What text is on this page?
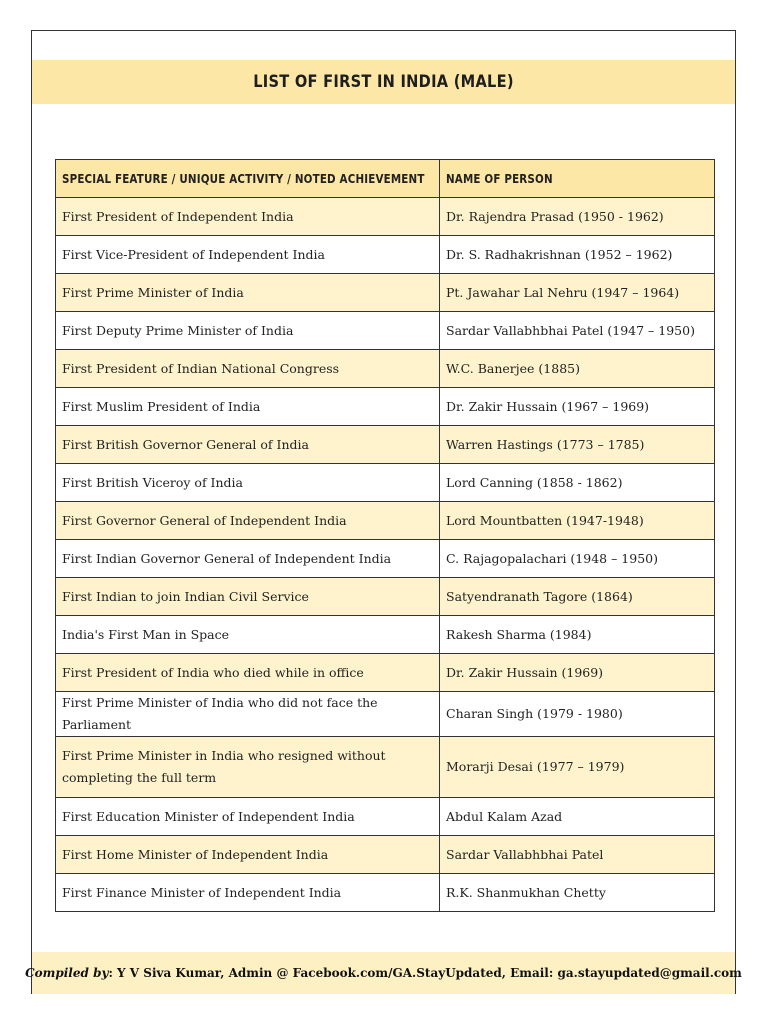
LIST OF FIRST IN INDIA (MALE)
SPECIAL FEATURE / UNIQUE ACTIVITY / NOTED ACHIEVEMENT	NAME OF PERSON
First President of Independent India	Dr. Rajendra Prasad (1950 - 1962)
First Vice-President of Independent India	Dr. S. Radhakrishnan (1952 – 1962)
First Prime Minister of India	Pt. Jawahar Lal Nehru (1947 – 1964)
First Deputy Prime Minister of India	Sardar Vallabhbhai Patel (1947 – 1950)
First President of Indian National Congress	W.C. Banerjee (1885)
First Muslim President of India	Dr. Zakir Hussain (1967 – 1969)
First British Governor General of India	Warren Hastings (1773 – 1785)
First British Viceroy of India	Lord Canning (1858 - 1862)
First Governor General of Independent India	Lord Mountbatten (1947-1948)
First Indian Governor General of Independent India	C. Rajagopalachari (1948 – 1950)
First Indian to join Indian Civil Service	Satyendranath Tagore (1864)
India's First Man in Space	Rakesh Sharma (1984)
First President of India who died while in office	Dr. Zakir Hussain (1969)
First Prime Minister of India who did not face the Parliament	Charan Singh (1979 - 1980)
First Prime Minister in India who resigned without completing the full term	Morarji Desai (1977 – 1979)
First Education Minister of Independent India	Abdul Kalam Azad
First Home Minister of Independent India	Sardar Vallabhbhai Patel
First Finance Minister of Independent India	R.K. Shanmukhan Chetty
Compiled by: Y V Siva Kumar, Admin @ Facebook.com/GA.StayUpdated, Email: ga.stayupdated@gmail.com
